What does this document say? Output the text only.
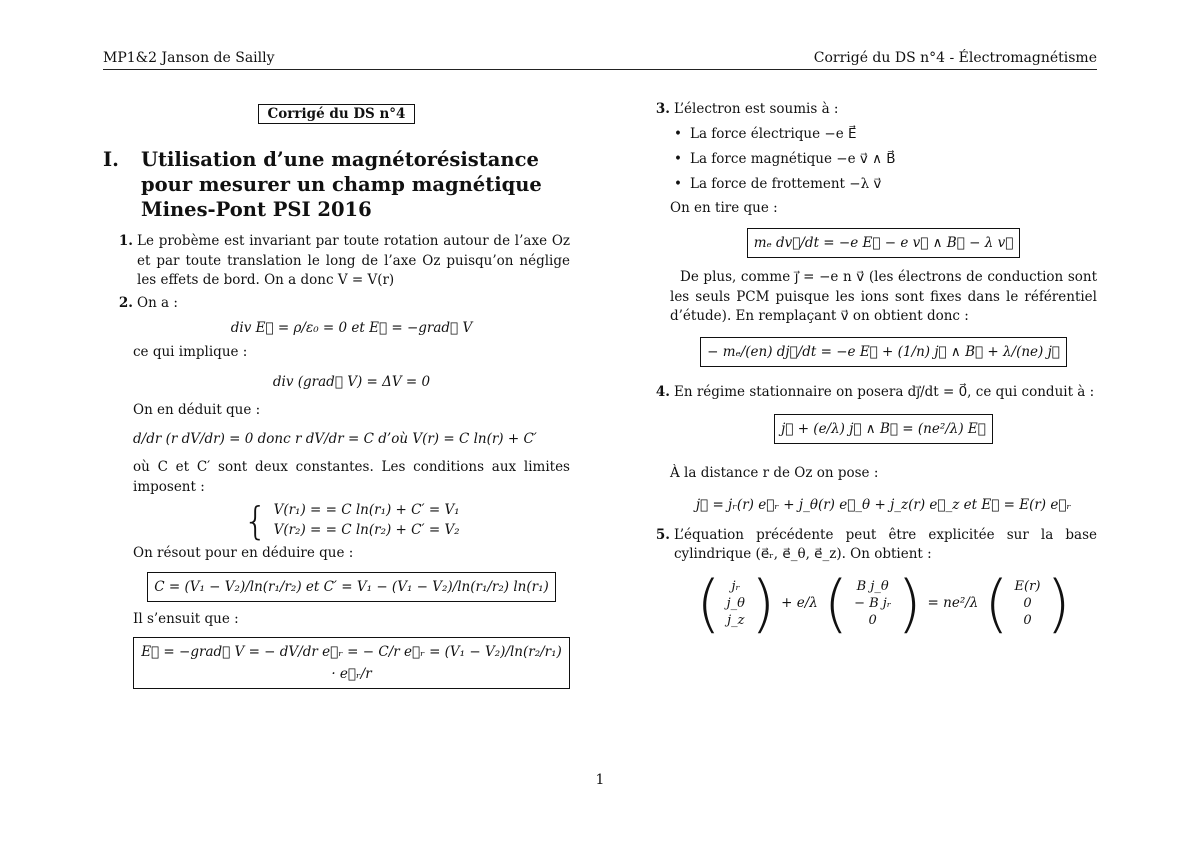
MP1&2 Janson de Sailly	Corrigé du DS n°4 - Électromagnétisme
Corrigé du DS n°4
I.	Utilisation d’une magnétorésistance pour mesurer un champ magnétique Mines-Pont PSI 2016
1. Le probème est invariant par toute rotation autour de l’axe Oz et par toute translation le long de l’axe Oz puisqu’on néglige les effets de bord. On a donc V = V(r)
2. On a :
div E⃗ = ρ/ε₀ = 0 et E⃗ = −grad⃗ V
ce qui implique :
div (grad⃗ V) = ΔV = 0
On en déduit que :
d/dr (r dV/dr) = 0 donc r dV/dr = C d’où V(r) = C ln(r) + C′
où C et C′ sont deux constantes. Les conditions aux limites imposent :
{ V(r₁) = = C ln(r₁) + C′ = V₁
V(r₂) = = C ln(r₂) + C′ = V₂
On résout pour en déduire que :
C = (V₁ − V₂)/ln(r₁/r₂) et C′ = V₁ − (V₁ − V₂)/ln(r₁/r₂) ln(r₁)
Il s’ensuit que :
E⃗ = −grad⃗ V = − dV/dr e⃗ᵣ = − C/r e⃗ᵣ = (V₁ − V₂)/ln(r₂/r₁) · e⃗ᵣ/r
3. L’électron est soumis à :
• La force électrique −e E⃗
• La force magnétique −e v⃗ ∧ B⃗
• La force de frottement −λ v⃗
On en tire que :
mₑ dv⃗/dt = −e E⃗ − e v⃗ ∧ B⃗ − λ v⃗
De plus, comme j⃗ = −e n v⃗ (les électrons de conduction sont les seuls PCM puisque les ions sont fixes dans le référentiel d’étude). En remplaçant v⃗ on obtient donc :
− mₑ/(en) dj⃗/dt = −e E⃗ + (1/n) j⃗ ∧ B⃗ + λ/(ne) j⃗
4. En régime stationnaire on posera dj⃗/dt = 0⃗, ce qui conduit à :
j⃗ + (e/λ) j⃗ ∧ B⃗ = (ne²/λ) E⃗
À la distance r de Oz on pose :
j⃗ = jᵣ(r) e⃗ᵣ + j_θ(r) e⃗_θ + j_z(r) e⃗_z et E⃗ = E(r) e⃗ᵣ
5. L’équation précédente peut être explicitée sur la base cylindrique (e⃗ᵣ, e⃗_θ, e⃗_z). On obtient :
( jᵣ
j_θ
j_z ) + e/λ ( B j_θ
− B jᵣ
0 ) = ne²/λ ( E(r)
0
0 )
1
